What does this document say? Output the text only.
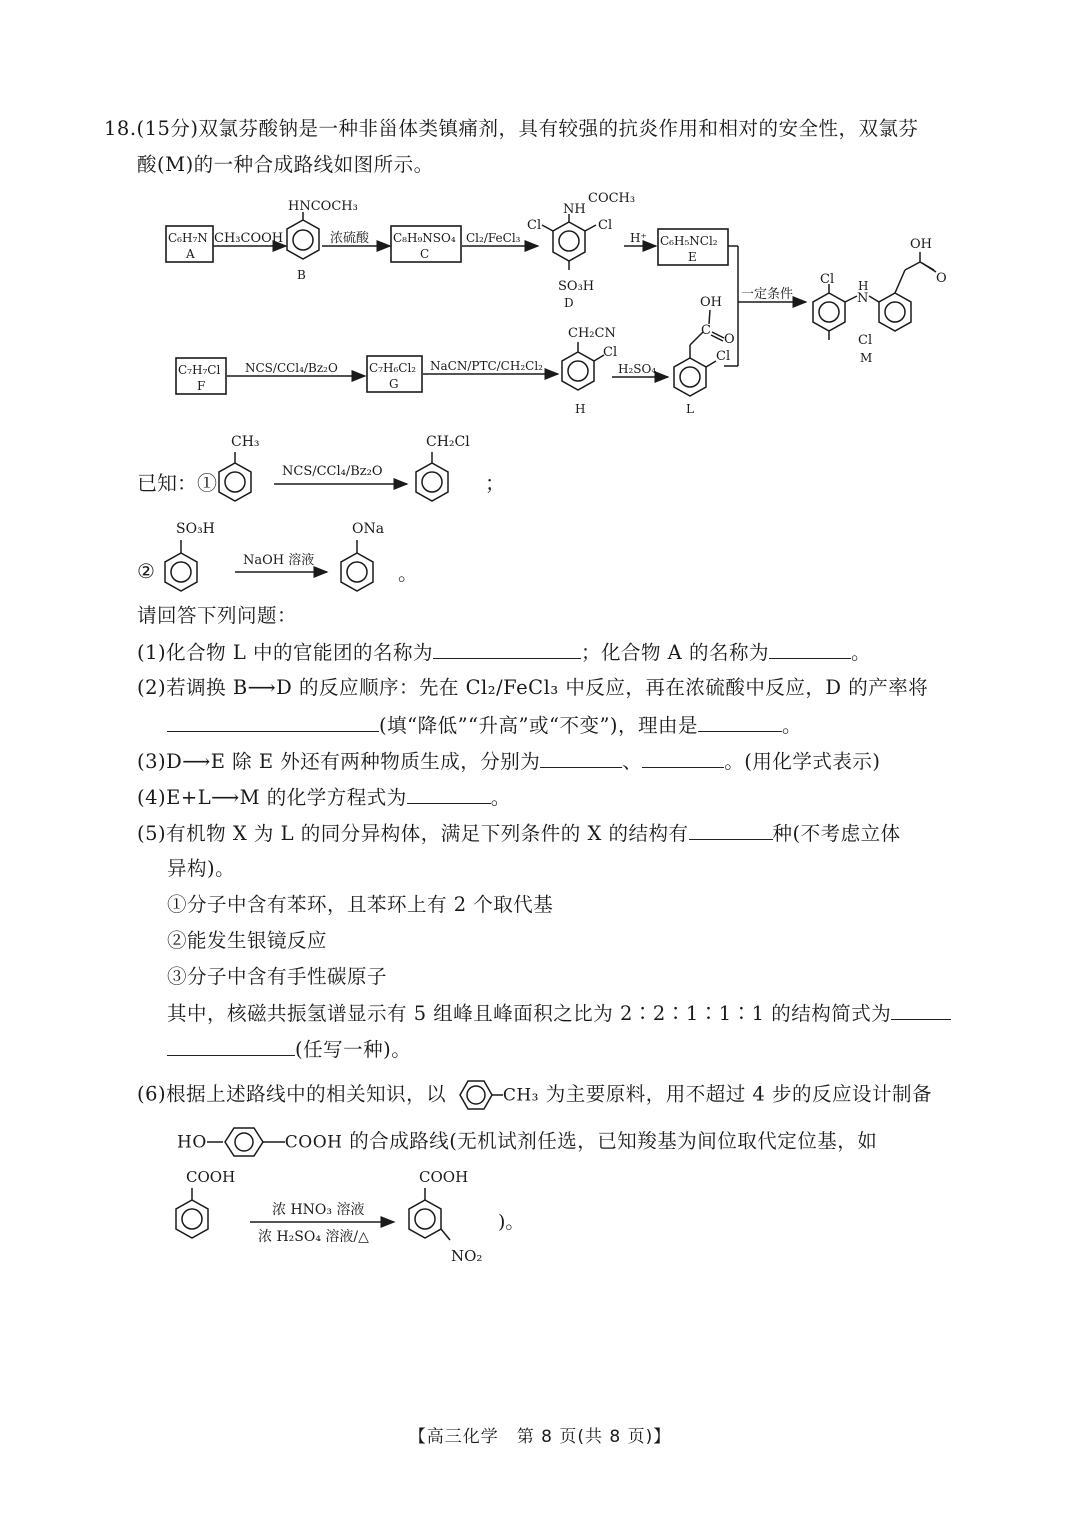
18.(15分)双氯芬酸钠是一种非甾体类镇痛剂，具有较强的抗炎作用和相对的安全性，双氯芬
酸(M)的一种合成路线如图所示。
C₆H₇N
A
CH₃COOH
HNCOCH₃
B
浓硫酸 C₈H₉NSO₄
C
Cl₂/FeCl₃
NH
COCH₃
Cl	Cl
SO₃H
D
H⁺ C₆H₅NCl₂
E
一定条件
Cl H
N
Cl
OH
O
M
C₇H₇Cl
F
NCS/CCl₄/Bz₂O	C₇H₆Cl₂
G
NaCN/PTC/CH₂Cl₂
CH₂CN
Cl
H
H₂SO₄
OH
C
O
Cl
L
已知：①
CH₃
NCS/CCl₄/Bz₂O
CH₂Cl
；
②
SO₃H
NaOH 溶液
ONa
。
请回答下列问题：
(1)化合物 L 中的官能团的名称为	；化合物 A 的名称为	。
(2)若调换 B⟶D 的反应顺序：先在 Cl₂/FeCl₃ 中反应，再在浓硫酸中反应，D 的产率将
(填“降低”“升高”或“不变”)，理由是	。
(3)D⟶E 除 E 外还有两种物质生成，分别为	、	。(用化学式表示)
(4)E+L⟶M 的化学方程式为	。
(5)有机物 X 为 L 的同分异构体，满足下列条件的 X 的结构有	种(不考虑立体
异构)。
①分子中含有苯环，且苯环上有 2 个取代基
②能发生银镜反应
③分子中含有手性碳原子
其中，核磁共振氢谱显示有 5 组峰且峰面积之比为 2∶2∶1∶1∶1 的结构简式为
(任写一种)。
(6)根据上述路线中的相关知识，以	CH₃ 为主要原料，用不超过 4 步的反应设计制备
HO	COOH 的合成路线(无机试剂任选，已知羧基为间位取代定位基，如
COOH
浓 HNO₃ 溶液
浓 H₂SO₄ 溶液/△
COOH
NO₂
)。
【高三化学　第 8 页(共 8 页)】
